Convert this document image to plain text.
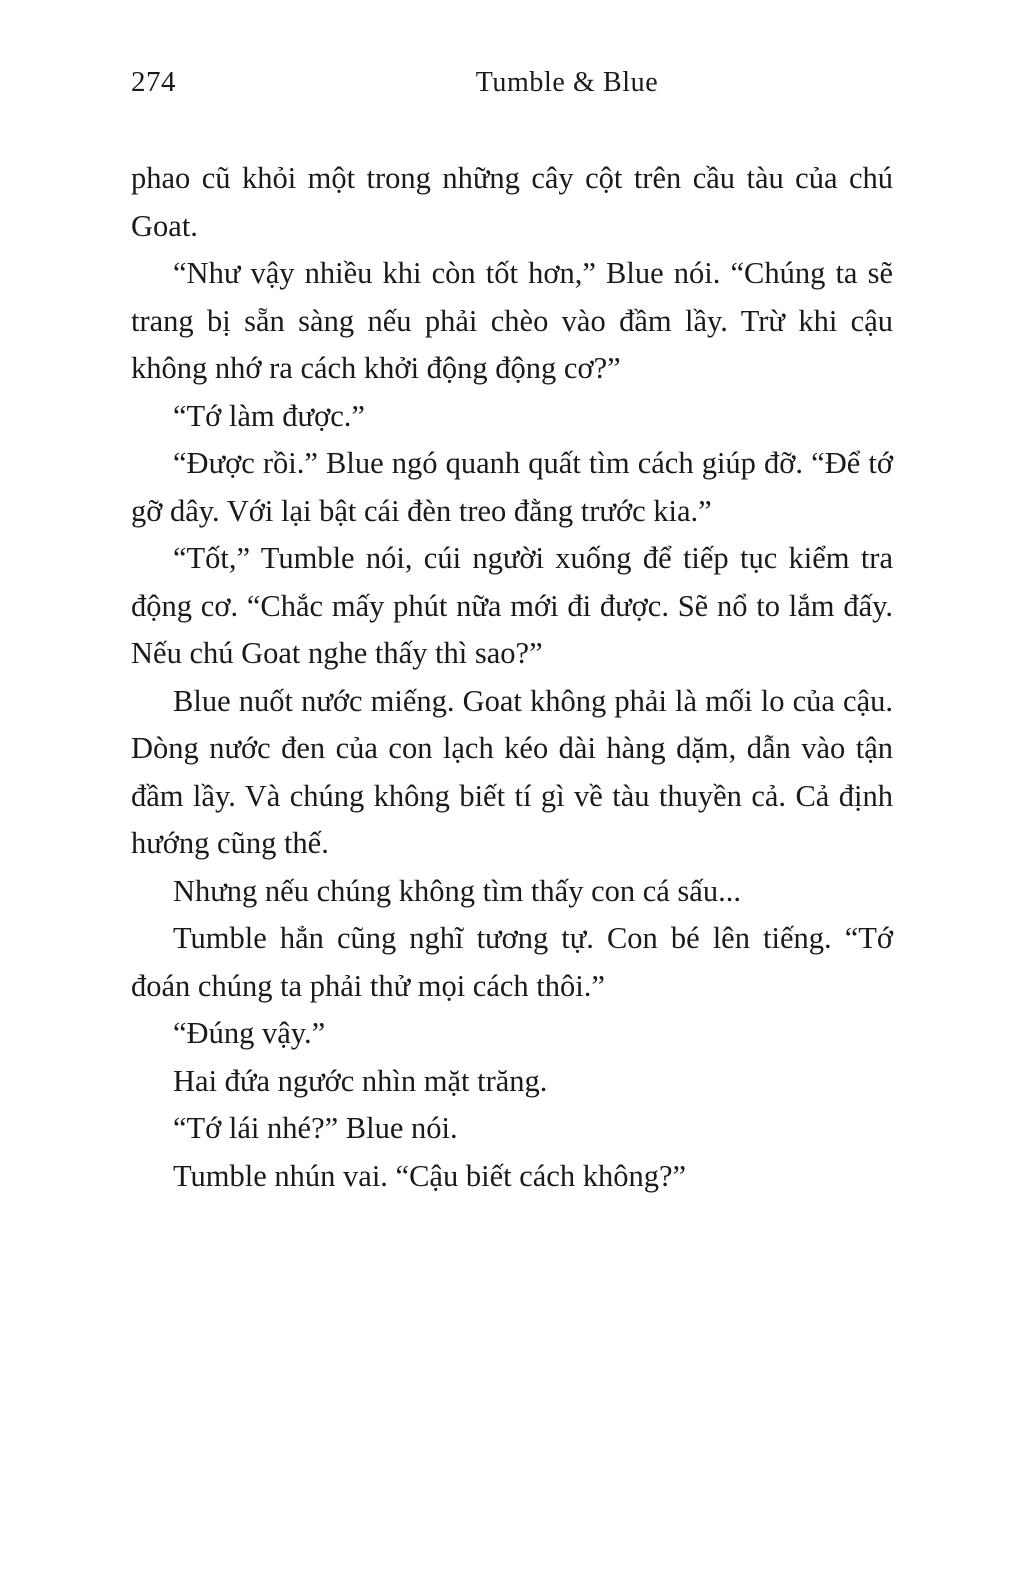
274	Tumble & Blue

phao cũ khỏi một trong những cây cột trên cầu tàu của chú Goat.

“Như vậy nhiều khi còn tốt hơn,” Blue nói. “Chúng ta sẽ trang bị sẵn sàng nếu phải chèo vào đầm lầy. Trừ khi cậu không nhớ ra cách khởi động động cơ?”

“Tớ làm được.”

“Được rồi.” Blue ngó quanh quất tìm cách giúp đỡ. “Để tớ gỡ dây. Với lại bật cái đèn treo đằng trước kia.”

“Tốt,” Tumble nói, cúi người xuống để tiếp tục kiểm tra động cơ. “Chắc mấy phút nữa mới đi được. Sẽ nổ to lắm đấy. Nếu chú Goat nghe thấy thì sao?”

Blue nuốt nước miếng. Goat không phải là mối lo của cậu. Dòng nước đen của con lạch kéo dài hàng dặm, dẫn vào tận đầm lầy. Và chúng không biết tí gì về tàu thuyền cả. Cả định hướng cũng thế.

Nhưng nếu chúng không tìm thấy con cá sấu...

Tumble hẳn cũng nghĩ tương tự. Con bé lên tiếng. “Tớ đoán chúng ta phải thử mọi cách thôi.”

“Đúng vậy.”

Hai đứa ngước nhìn mặt trăng.

“Tớ lái nhé?” Blue nói.

Tumble nhún vai. “Cậu biết cách không?”
